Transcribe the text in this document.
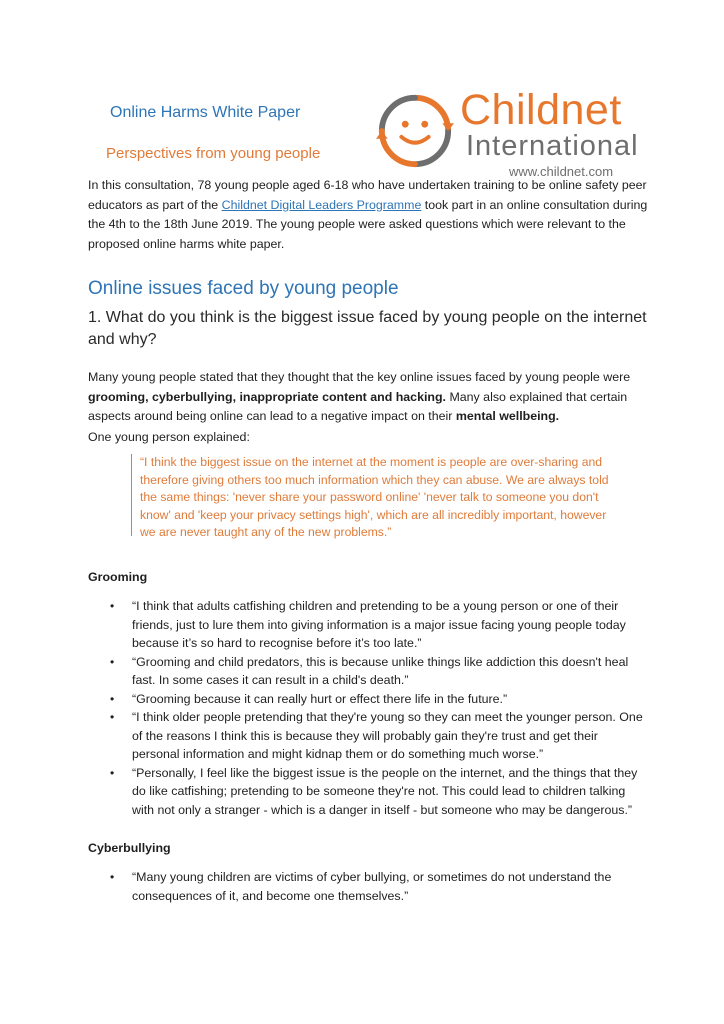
Online Harms White Paper
Perspectives from young people
Childnet
International
www.childnet.com
In this consultation, 78 young people aged 6-18 who have undertaken training to be online safety peer educators as part of the Childnet Digital Leaders Programme took part in an online consultation during the 4th to the 18th June 2019. The young people were asked questions which were relevant to the proposed online harms white paper.
Online issues faced by young people
1. What do you think is the biggest issue faced by young people on the internet and why?
Many young people stated that they thought that the key online issues faced by young people were grooming, cyberbullying, inappropriate content and hacking. Many also explained that certain aspects around being online can lead to a negative impact on their mental wellbeing.
One young person explained:
“I think the biggest issue on the internet at the moment is people are over-sharing and therefore giving others too much information which they can abuse. We are always told the same things: 'never share your password online' 'never talk to someone you don't know' and 'keep your privacy settings high', which are all incredibly important, however we are never taught any of the new problems.”
Grooming
• “I think that adults catfishing children and pretending to be a young person or one of their friends, just to lure them into giving information is a major issue facing young people today because it’s so hard to recognise before it’s too late.”
• “Grooming and child predators, this is because unlike things like addiction this doesn't heal fast. In some cases it can result in a child's death.”
• “Grooming because it can really hurt or effect there life in the future.”
• “I think older people pretending that they're young so they can meet the younger person. One of the reasons I think this is because they will probably gain they're trust and get their personal information and might kidnap them or do something much worse.”
• “Personally, I feel like the biggest issue is the people on the internet, and the things that they do like catfishing; pretending to be someone they're not. This could lead to children talking with not only a stranger - which is a danger in itself - but someone who may be dangerous.”
Cyberbullying
• “Many young children are victims of cyber bullying, or sometimes do not understand the consequences of it, and become one themselves.”
